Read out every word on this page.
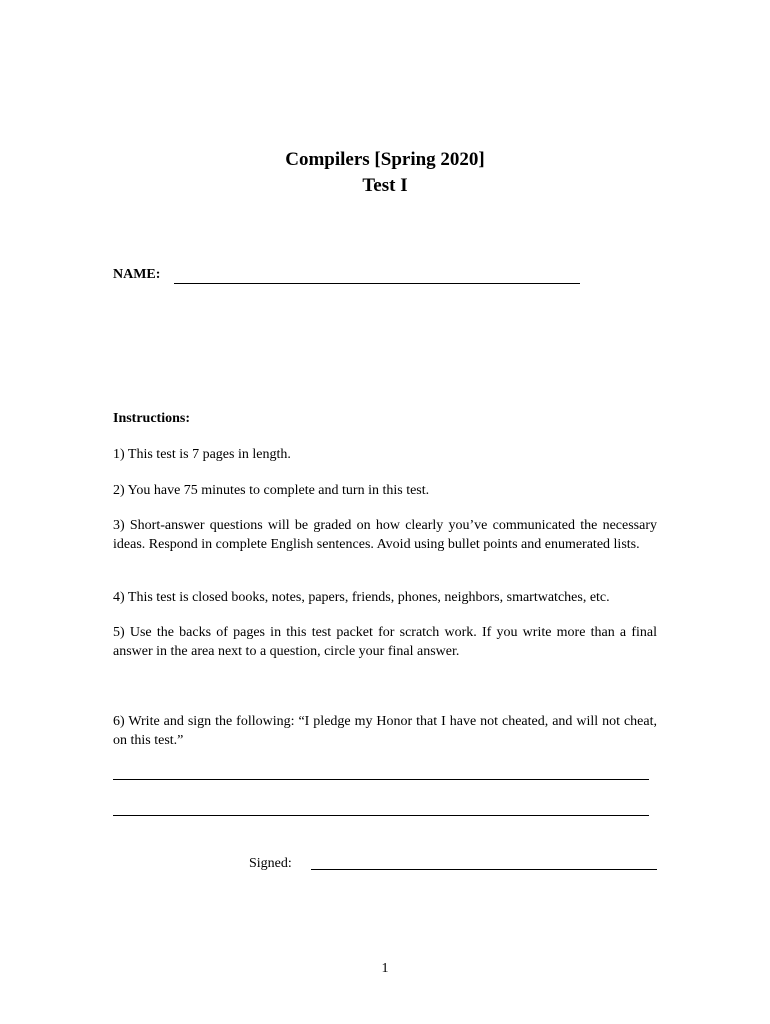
Compilers [Spring 2020]
Test I
NAME:
Instructions:
1) This test is 7 pages in length.
2) You have 75 minutes to complete and turn in this test.
3) Short-answer questions will be graded on how clearly you’ve communicated the necessary ideas. Respond in complete English sentences. Avoid using bullet points and enumerated lists.
4) This test is closed books, notes, papers, friends, phones, neighbors, smartwatches, etc.
5) Use the backs of pages in this test packet for scratch work. If you write more than a final answer in the area next to a question, circle your final answer.
6) Write and sign the following: “I pledge my Honor that I have not cheated, and will not cheat, on this test.”
Signed:
1
